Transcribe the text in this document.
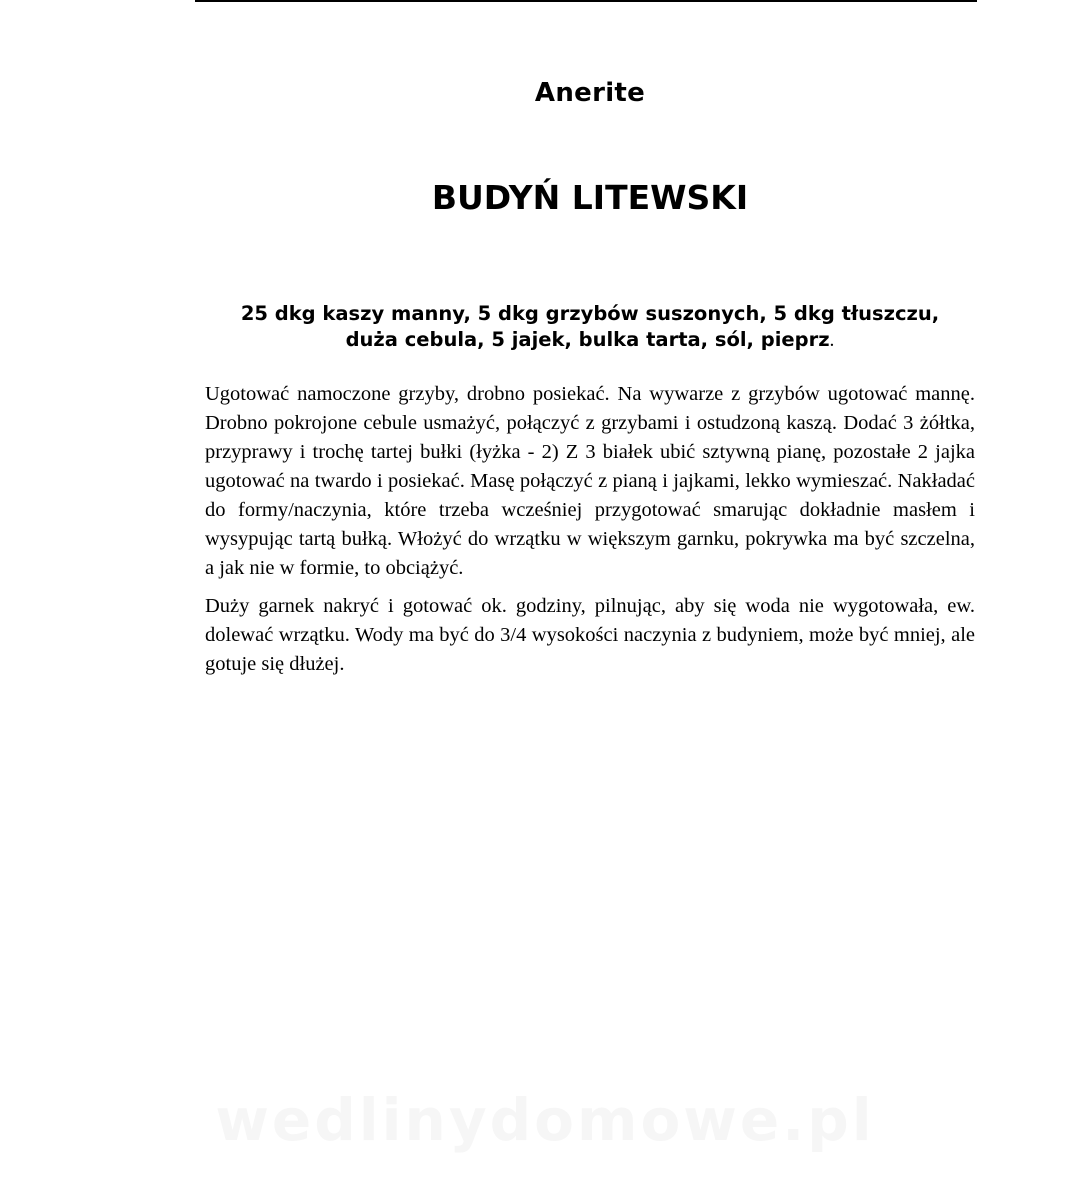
Anerite
BUDYŃ LITEWSKI
25 dkg kaszy manny, 5 dkg grzybów suszonych, 5 dkg tłuszczu, duża cebula, 5 jajek, bulka tarta, sól, pieprz.

Ugotować namoczone grzyby, drobno posiekać. Na wywarze z grzybów ugotować mannę. Drobno pokrojone cebule usmażyć, połączyć z grzybami i ostudzoną kaszą. Dodać 3 żółtka, przyprawy i trochę tartej bułki (łyżka - 2) Z 3 białek ubić sztywną pianę, pozostałe 2 jajka ugotować na twardo i posiekać. Masę połączyć z pianą i jajkami, lekko wymieszać. Nakładać do formy/naczynia, które trzeba wcześniej przygotować smarując dokładnie masłem i wysypując tartą bułką. Włożyć do wrzątku w większym garnku, pokrywka ma być szczelna, a jak nie w formie, to obciążyć.

Duży garnek nakryć i gotować ok. godziny, pilnując, aby się woda nie wygotowała, ew. dolewać wrzątku. Wody ma być do 3/4 wysokości naczynia z budyniem, może być mniej, ale gotuje się dłużej.

wedlinydomowe.pl
